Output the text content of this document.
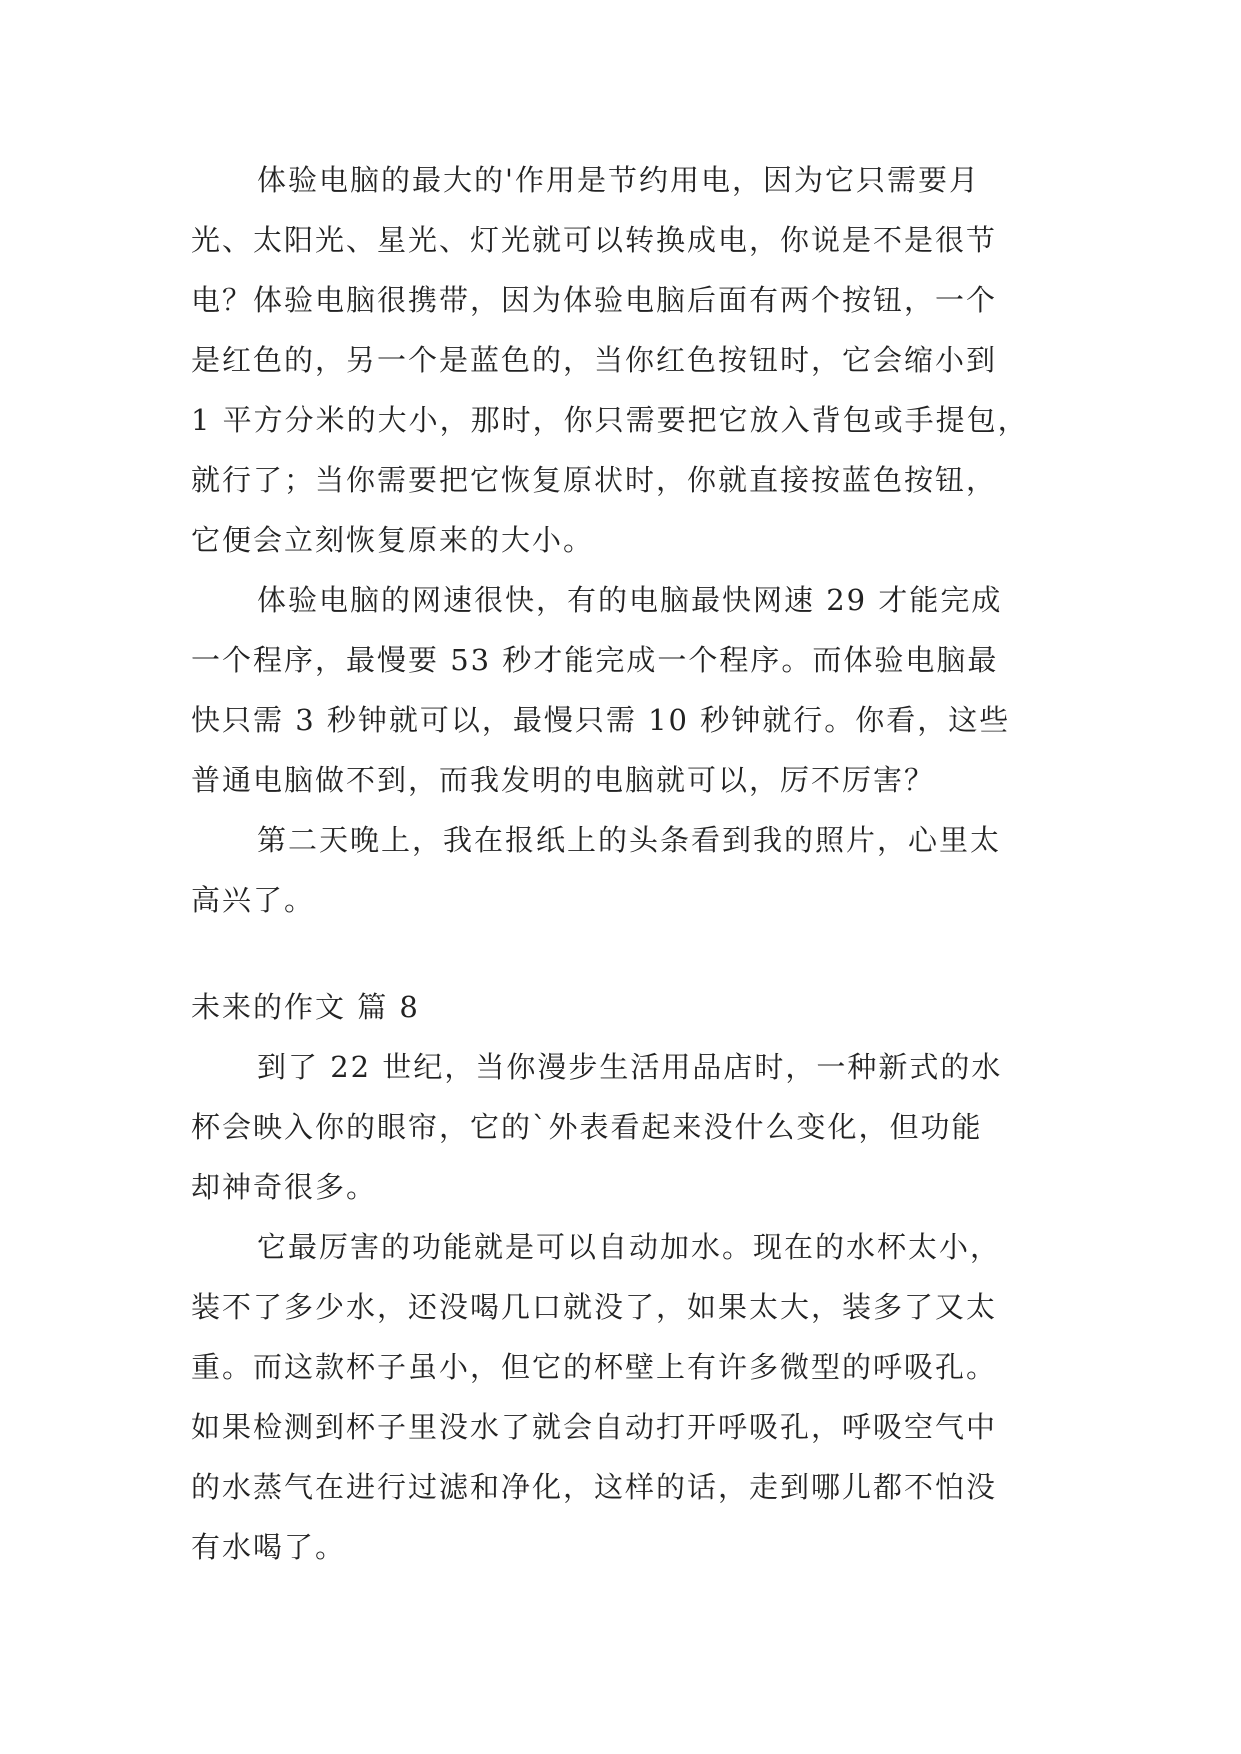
体验电脑的最大的'作用是节约用电，因为它只需要月
光、太阳光、星光、灯光就可以转换成电，你说是不是很节
电？体验电脑很携带，因为体验电脑后面有两个按钮，一个
是红色的，另一个是蓝色的，当你红色按钮时，它会缩小到
1 平方分米的大小，那时，你只需要把它放入背包或手提包，
就行了；当你需要把它恢复原状时，你就直接按蓝色按钮，
它便会立刻恢复原来的大小。
体验电脑的网速很快，有的电脑最快网速 29 才能完成
一个程序，最慢要 53 秒才能完成一个程序。而体验电脑最
快只需 3 秒钟就可以，最慢只需 10 秒钟就行。你看，这些
普通电脑做不到，而我发明的电脑就可以，厉不厉害？
第二天晚上，我在报纸上的头条看到我的照片，心里太
高兴了。
未来的作文 篇 8
到了 22 世纪，当你漫步生活用品店时，一种新式的水
杯会映入你的眼帘，它的`外表看起来没什么变化，但功能
却神奇很多。
它最厉害的功能就是可以自动加水。现在的水杯太小，
装不了多少水，还没喝几口就没了，如果太大，装多了又太
重。而这款杯子虽小，但它的杯壁上有许多微型的呼吸孔。
如果检测到杯子里没水了就会自动打开呼吸孔，呼吸空气中
的水蒸气在进行过滤和净化，这样的话，走到哪儿都不怕没
有水喝了。
